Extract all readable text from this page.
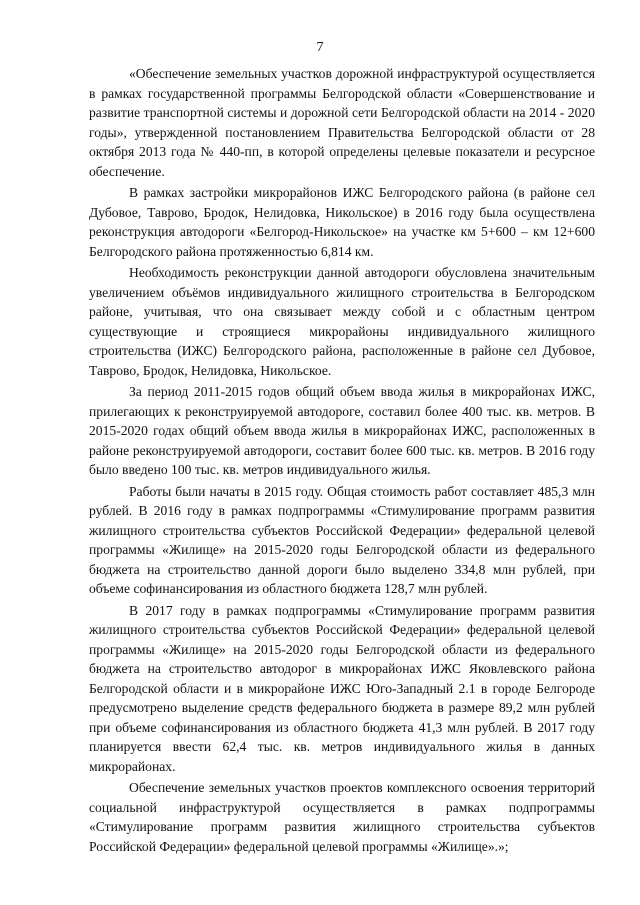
7

«Обеспечение земельных участков дорожной инфраструктурой осуществляется в рамках государственной программы Белгородской области «Совершенствование и развитие транспортной системы и дорожной сети Белгородской области на 2014 - 2020 годы», утвержденной постановлением Правительства Белгородской области от 28 октября 2013 года № 440-пп, в которой определены целевые показатели и ресурсное обеспечение.

В рамках застройки микрорайонов ИЖС Белгородского района (в районе сел Дубовое, Таврово, Бродок, Нелидовка, Никольское) в 2016 году была осуществлена реконструкция автодороги «Белгород-Никольское» на участке км 5+600 – км 12+600 Белгородского района протяженностью 6,814 км.

Необходимость реконструкции данной автодороги обусловлена значительным увеличением объёмов индивидуального жилищного строительства в Белгородском районе, учитывая, что она связывает между собой и с областным центром существующие и строящиеся микрорайоны индивидуального жилищного строительства (ИЖС) Белгородского района, расположенные в районе сел Дубовое, Таврово, Бродок, Нелидовка, Никольское.

За период 2011-2015 годов общий объем ввода жилья в микрорайонах ИЖС, прилегающих к реконструируемой автодороге, составил более 400 тыс. кв. метров. В 2015-2020 годах общий объем ввода жилья в микрорайонах ИЖС, расположенных в районе реконструируемой автодороги, составит более 600 тыс. кв. метров. В 2016 году было введено 100 тыс. кв. метров индивидуального жилья.

Работы были начаты в 2015 году. Общая стоимость работ составляет 485,3 млн рублей. В 2016 году в рамках подпрограммы «Стимулирование программ развития жилищного строительства субъектов Российской Федерации» федеральной целевой программы «Жилище» на 2015-2020 годы Белгородской области из федерального бюджета на строительство данной дороги было выделено 334,8 млн рублей, при объеме софинансирования из областного бюджета 128,7 млн рублей.

В 2017 году в рамках подпрограммы «Стимулирование программ развития жилищного строительства субъектов Российской Федерации» федеральной целевой программы «Жилище» на 2015-2020 годы Белгородской области из федерального бюджета на строительство автодорог в микрорайонах ИЖС Яковлевского района Белгородской области и в микрорайоне ИЖС Юго-Западный 2.1 в городе Белгороде предусмотрено выделение средств федерального бюджета в размере 89,2 млн рублей при объеме софинансирования из областного бюджета 41,3 млн рублей. В 2017 году планируется ввести 62,4 тыс. кв. метров индивидуального жилья в данных микрорайонах.

Обеспечение земельных участков проектов комплексного освоения территорий социальной инфраструктурой осуществляется в рамках подпрограммы «Стимулирование программ развития жилищного строительства субъектов Российской Федерации» федеральной целевой программы «Жилище».»;
